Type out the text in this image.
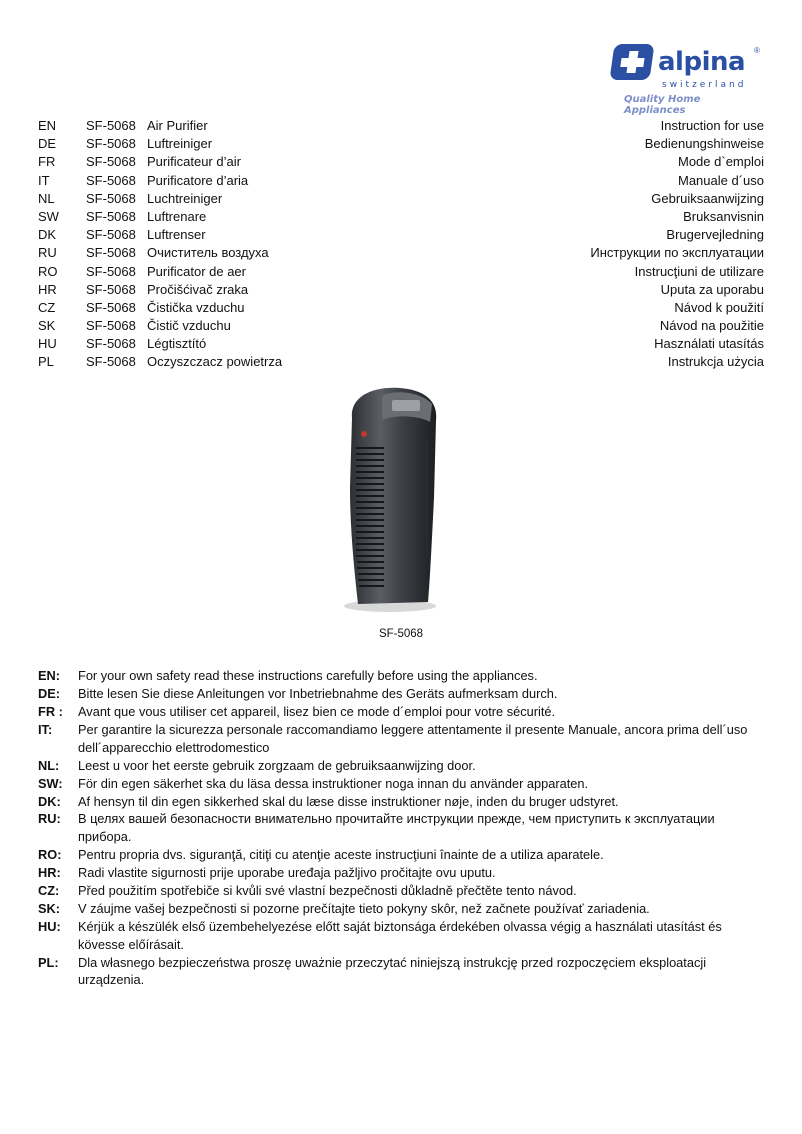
alpina ®
switzerland
Quality Home Appliances
EN SF-5068 Air Purifier	Instruction for use
DE SF-5068 Luftreiniger	Bedienungshinweise
FR SF-5068 Purificateur d’air	Mode d`emploi
IT	SF-5068 Purificatore d’aria	Manuale d´uso
NL SF-5068 Luchtreiniger	Gebruiksaanwijzing
SW SF-5068 Luftrenare	Bruksanvisnin
DK SF-5068 Luftrenser	Brugervejledning
RU SF-5068 Очиститель воздуха	Инструкции по эксплуатации
RO SF-5068 Purificator de aer	Instrucţiuni de utilizare
HR SF-5068 Pročišćivač zraka	Uputa za uporabu
CZ SF-5068 Čistička vzduchu	Návod k použití
SK SF-5068 Čistič vzduchu	Návod na použitie
HU SF-5068 Légtisztító	Használati utasítás
PL SF-5068 Oczyszczacz powietrza	Instrukcja użycia
SF-5068
EN:	For your own safety read these instructions carefully before using the appliances.
DE:	Bitte lesen Sie diese Anleitungen vor Inbetriebnahme des Geräts aufmerksam durch.
FR :	Avant que vous utiliser cet appareil, lisez bien ce mode d´emploi pour votre sécurité.
IT:	Per garantire la sicurezza personale raccomandiamo leggere attentamente il presente Manuale, ancora prima dell´uso dell´apparecchio elettrodomestico
NL:	Leest u voor het eerste gebruik zorgzaam de gebruiksaanwijzing door.
SW:	För din egen säkerhet ska du läsa dessa instruktioner noga innan du använder apparaten.
DK:	Af hensyn til din egen sikkerhed skal du læse disse instruktioner nøje, inden du bruger udstyret.
RU:	В целях вашей безопасности внимательно прочитайте инструкции прежде, чем приступить к эксплуатации прибора.
RO:	Pentru propria dvs. siguranţă, citiţi cu atenţie aceste instrucţiuni înainte de a utiliza aparatele.
HR:	Radi vlastite sigurnosti prije uporabe uređaja pažljivo pročitajte ovu uputu.
CZ:	Před použitím spotřebiče si kvůli své vlastní bezpečnosti důkladně přečtěte tento návod.
SK:	V záujme vašej bezpečnosti si pozorne prečítajte tieto pokyny skôr, než začnete používať zariadenia.
HU:	Kérjük a készülék első üzembehelyezése előtt saját biztonsága érdekében olvassa végig a használati utasítást és kövesse előírásait.
PL:	Dla własnego bezpieczeństwa proszę uważnie przeczytać niniejszą instrukcję przed rozpoczęciem eksploatacji urządzenia.
